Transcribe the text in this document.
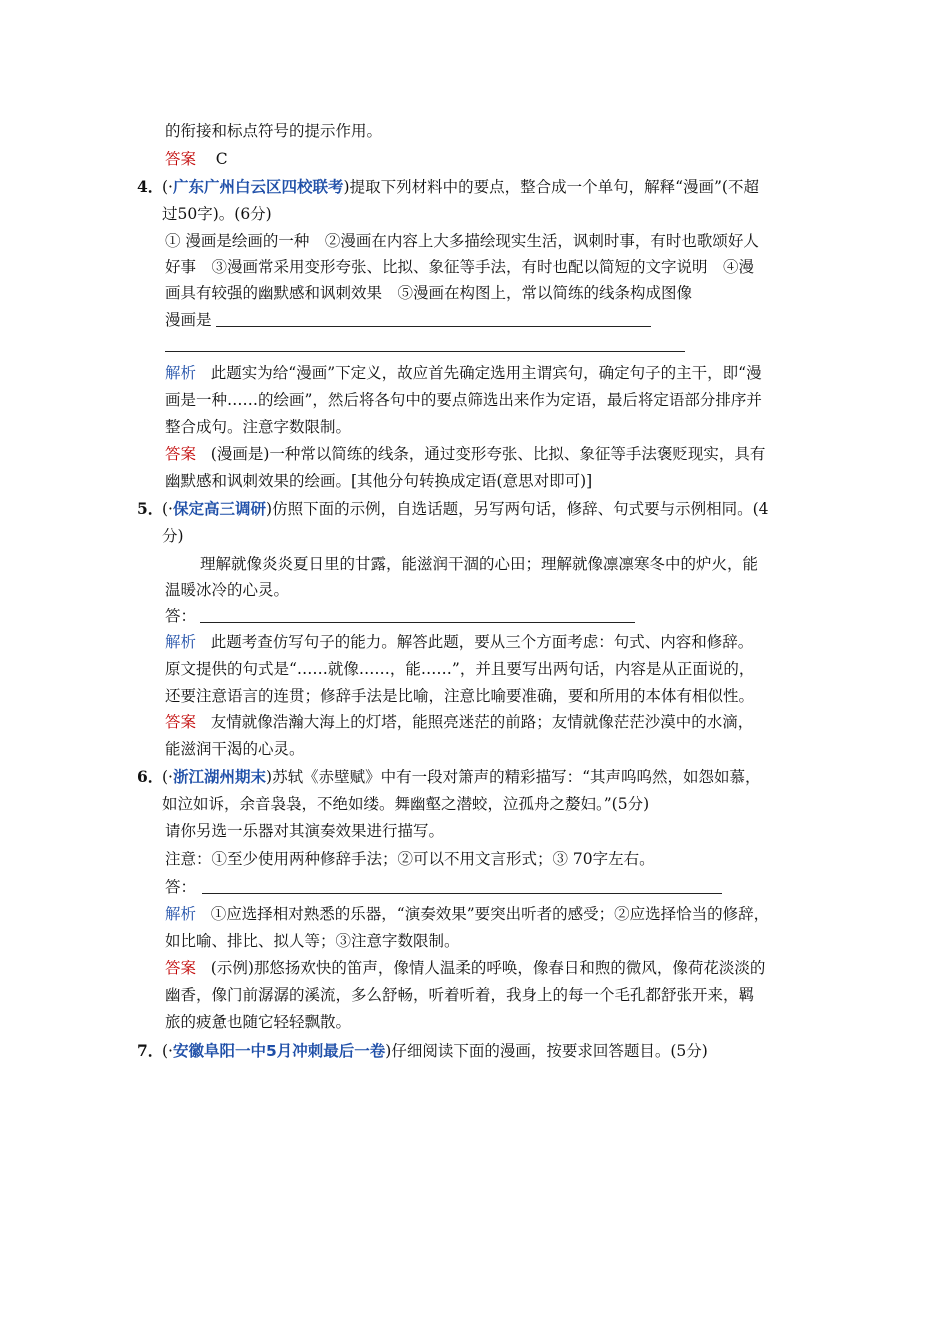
的衔接和标点符号的提示作用。
答案 C
4．
(·广东广州白云区四校联考)提取下列材料中的要点，整合成一个单句，解释“漫画”(不超
过50字)。(6分)
① 漫画是绘画的一种　②漫画在内容上大多描绘现实生活，讽刺时事，有时也歌颂好人
好事　③漫画常采用变形夸张、比拟、象征等手法，有时也配以简短的文字说明　④漫
画具有较强的幽默感和讽刺效果　⑤漫画在构图上，常以简练的线条构成图像
漫画是
解析 此题实为给“漫画”下定义，故应首先确定选用主谓宾句，确定句子的主干，即“漫
画是一种……的绘画”，然后将各句中的要点筛选出来作为定语，最后将定语部分排序并
整合成句。注意字数限制。
答案 (漫画是)一种常以简练的线条，通过变形夸张、比拟、象征等手法褒贬现实，具有
幽默感和讽刺效果的绘画。[其他分句转换成定语(意思对即可)]
5．
(·保定高三调研)仿照下面的示例，自选话题，另写两句话，修辞、句式要与示例相同。(4
分)
理解就像炎炎夏日里的甘露，能滋润干涸的心田；理解就像凛凛寒冬中的炉火，能
温暖冰冷的心灵。
答：
解析 此题考查仿写句子的能力。解答此题，要从三个方面考虑：句式、内容和修辞。
原文提供的句式是“……就像……，能……”，并且要写出两句话，内容是从正面说的，
还要注意语言的连贯；修辞手法是比喻，注意比喻要准确，要和所用的本体有相似性。
答案 友情就像浩瀚大海上的灯塔，能照亮迷茫的前路；友情就像茫茫沙漠中的水滴，
能滋润干渴的心灵。
6．
(·浙江湖州期末)苏轼《赤壁赋》中有一段对箫声的精彩描写：“其声呜呜然，如怨如慕，
如泣如诉，余音袅袅，不绝如缕。舞幽壑之潜蛟，泣孤舟之嫠妇。”(5分)
请你另选一乐器对其演奏效果进行描写。
注意：①至少使用两种修辞手法；②可以不用文言形式；③ 70字左右。
答：
解析 ①应选择相对熟悉的乐器，“演奏效果”要突出听者的感受；②应选择恰当的修辞，
如比喻、排比、拟人等；③注意字数限制。
答案 (示例)那悠扬欢快的笛声，像情人温柔的呼唤，像春日和煦的微风，像荷花淡淡的
幽香，像门前潺潺的溪流，多么舒畅，听着听着，我身上的每一个毛孔都舒张开来，羁
旅的疲惫也随它轻轻飘散。
7．
(·安徽阜阳一中5月冲刺最后一卷)仔细阅读下面的漫画，按要求回答题目。(5分)
